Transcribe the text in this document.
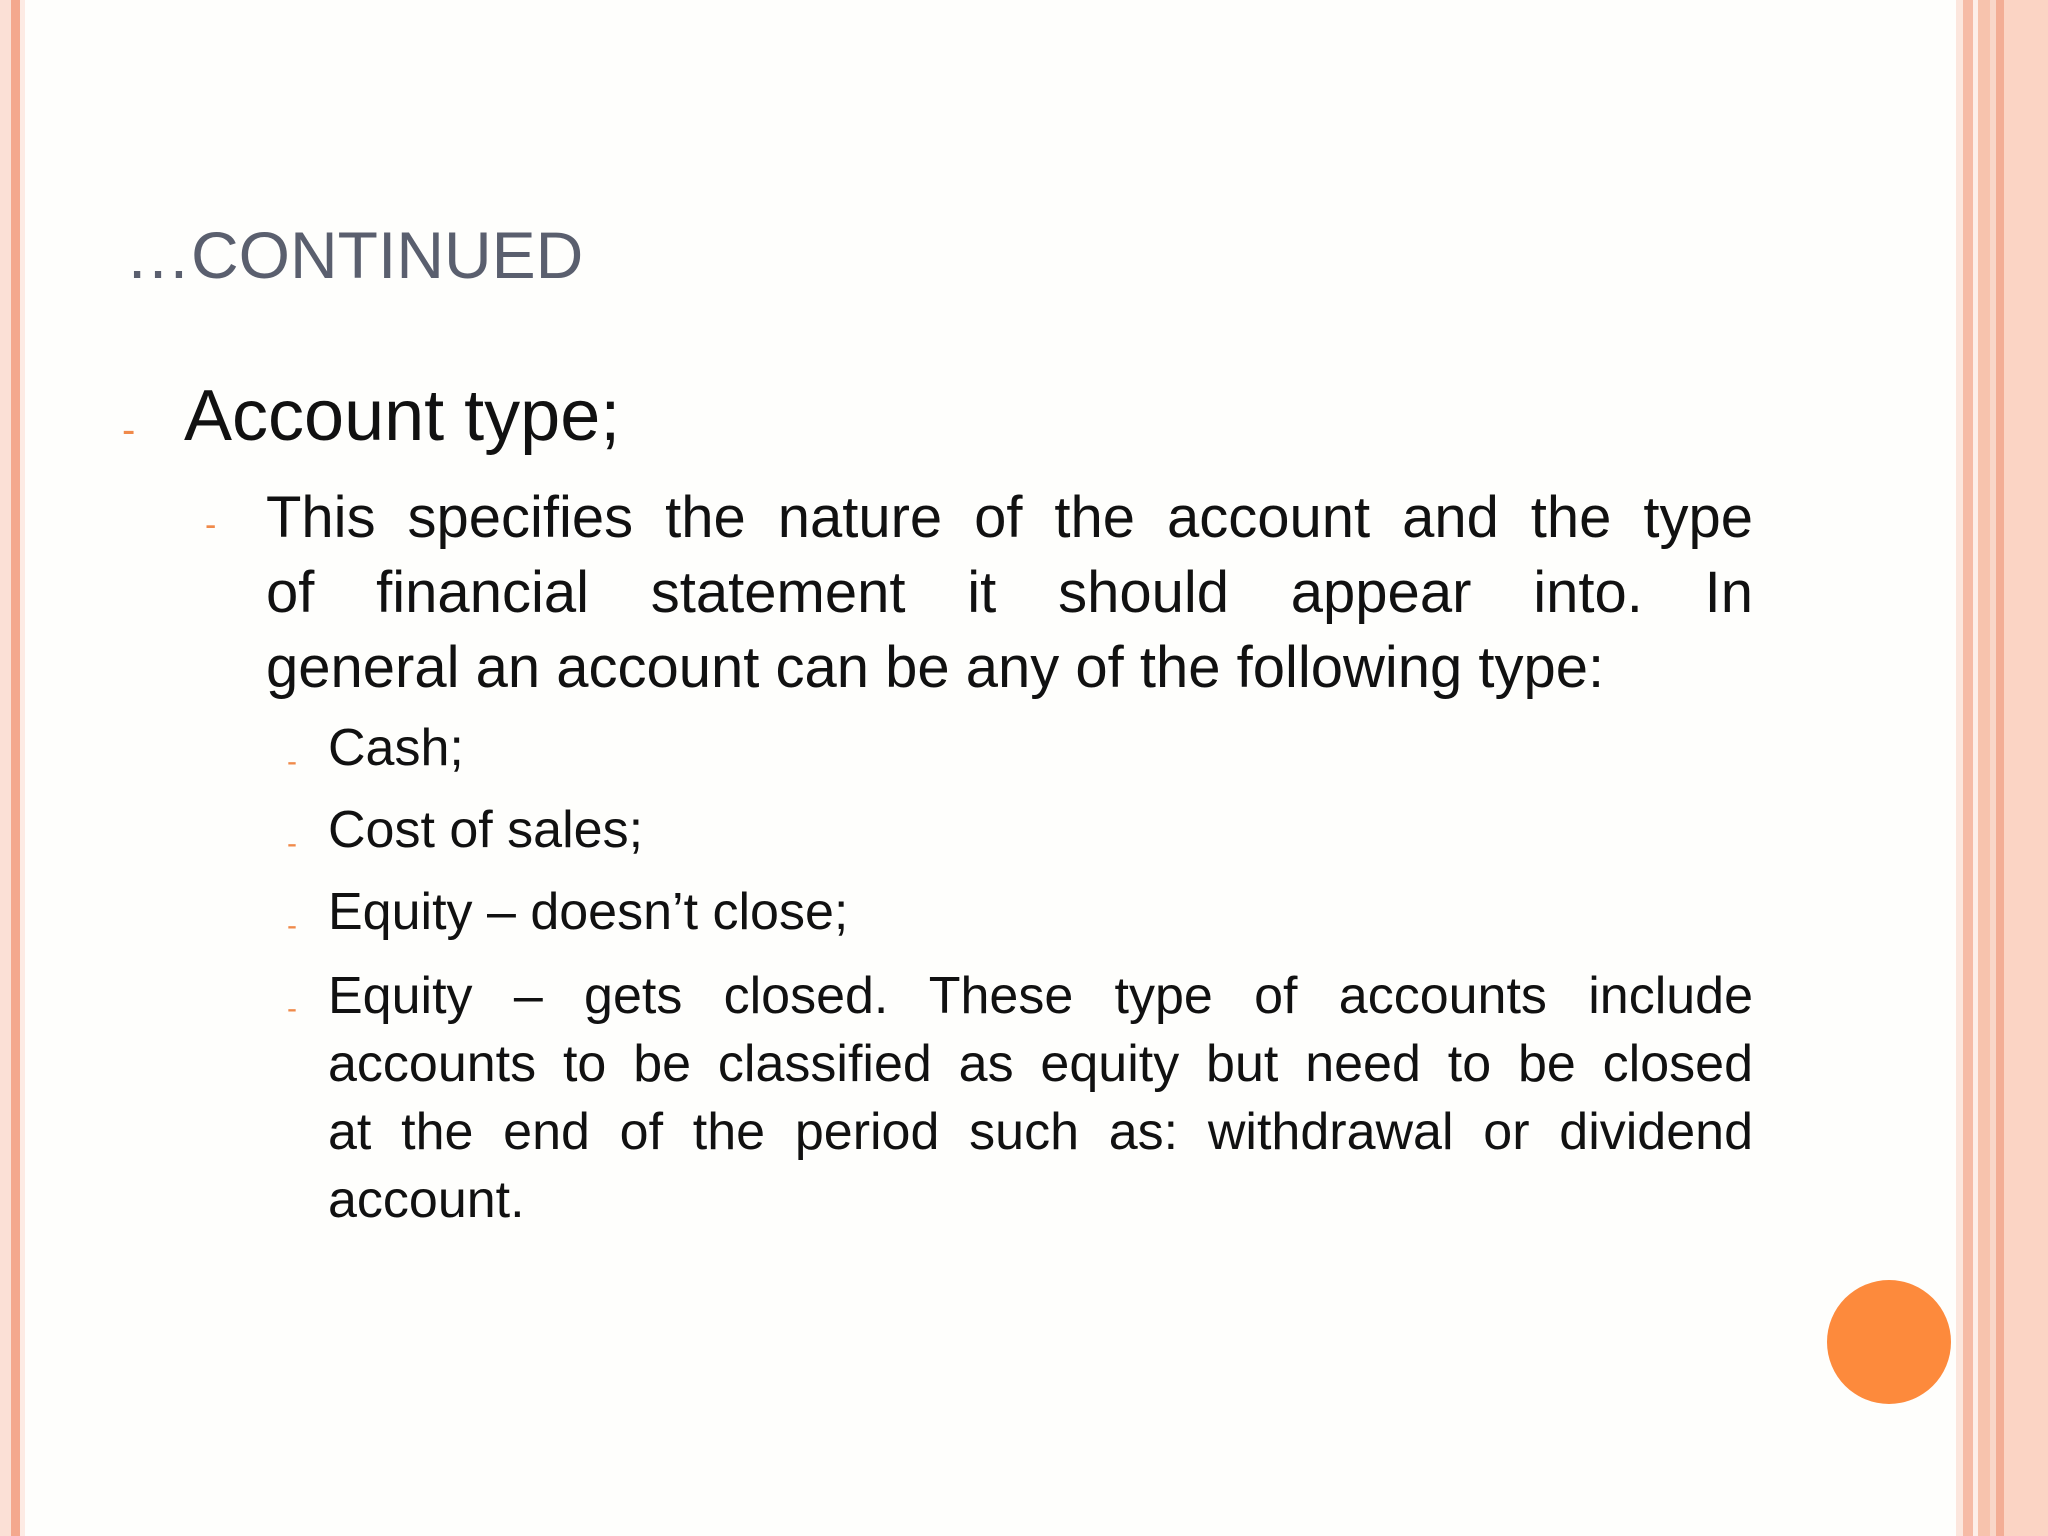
…CONTINUED
- Account type;
- This specifies the nature of the account and the type
of financial statement it should appear into. In
general an account can be any of the following type:
- Cash;
- Cost of sales;
- Equity – doesn’t close;
- Equity – gets closed. These type of accounts include
accounts to be classified as equity but need to be closed
at the end of the period such as: withdrawal or dividend
account.
